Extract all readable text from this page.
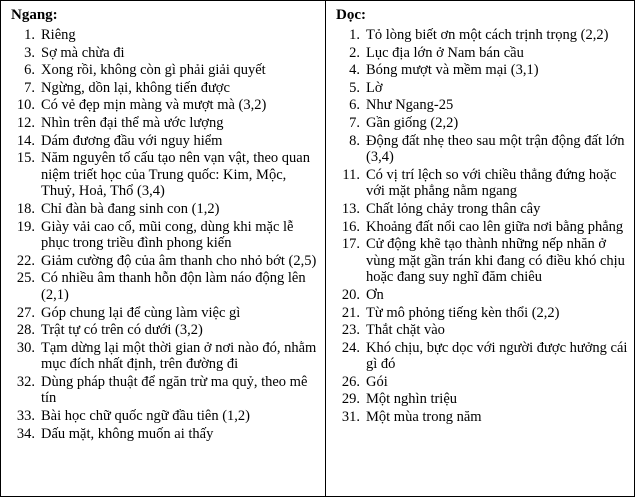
Ngang:
1. Riêng
3. Sợ mà chừa đi
6. Xong rồi, không còn gì phải giải quyết
7. Ngừng, dồn lại, không tiến được
10. Có vẻ đẹp mịn màng và mượt mà (3,2)
12. Nhìn trên đại thể mà ước lượng
14. Dám đương đầu với nguy hiểm
15. Năm nguyên tố cấu tạo nên vạn vật, theo quan niệm triết học của Trung quốc: Kim, Mộc, Thuỷ, Hoả, Thổ (3,4)
18. Chỉ đàn bà đang sinh con (1,2)
19. Giày vải cao cổ, mũi cong, dùng khi mặc lễ phục trong triều đình phong kiến
22. Giảm cường độ của âm thanh cho nhỏ bớt (2,5)
25. Có nhiều âm thanh hỗn độn làm náo động lên (2,1)
27. Góp chung lại để cùng làm việc gì
28. Trật tự có trên có dưới (3,2)
30. Tạm dừng lại một thời gian ở nơi nào đó, nhằm mục đích nhất định, trên đường đi
32. Dùng pháp thuật để ngăn trừ ma quỷ, theo mê tín
33. Bài học chữ quốc ngữ đầu tiên (1,2)
34. Dấu mặt, không muốn ai thấy
Dọc:
1. Tỏ lòng biết ơn một cách trịnh trọng (2,2)
2. Lục địa lớn ở Nam bán cầu
4. Bóng mượt và mềm mại (3,1)
5. Lờ
6. Như Ngang-25
7. Gần giống (2,2)
8. Động đất nhẹ theo sau một trận động đất lớn (3,4)
11. Có vị trí lệch so với chiều thẳng đứng hoặc với mặt phẳng nằm ngang
13. Chất lỏng chảy trong thân cây
16. Khoảng đất nổi cao lên giữa nơi bằng phẳng
17. Cử động khẽ tạo thành những nếp nhăn ở vùng mặt gần trán khi đang có điều khó chịu hoặc đang suy nghĩ đăm chiêu
20. Ơn
21. Từ mô phỏng tiếng kèn thổi (2,2)
23. Thắt chặt vào
24. Khó chịu, bực dọc với người được hưởng cái gì đó
26. Gói
29. Một nghìn triệu
31. Một mùa trong năm
